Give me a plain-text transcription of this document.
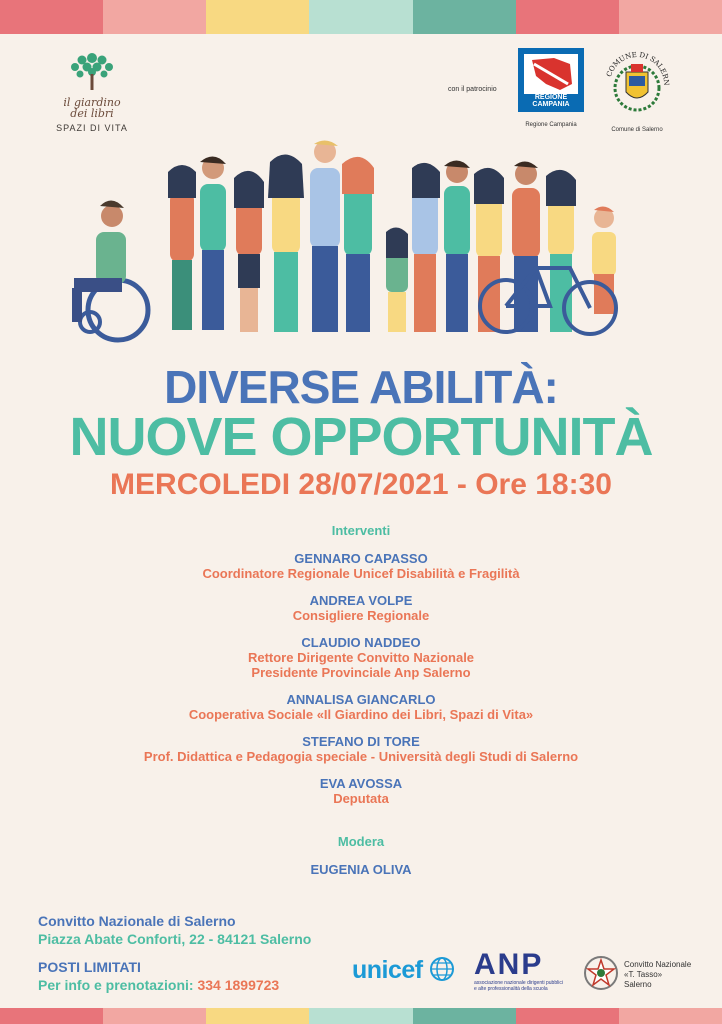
il giardino
dei libri
SPAZI DI VITA
con il patrocinio
REGIONE CAMPANIA
Regione Campania
COMUNE DI SALERN
Comune di Salerno
DIVERSE ABILITÀ:
NUOVE OPPORTUNITÀ
MERCOLEDI 28/07/2021 - Ore 18:30
Interventi
GENNARO CAPASSO
Coordinatore Regionale Unicef Disabilità e Fragilità
ANDREA VOLPE
Consigliere Regionale
CLAUDIO NADDEO
Rettore Dirigente Convitto Nazionale
Presidente Provinciale Anp Salerno
ANNALISA GIANCARLO
Cooperativa Sociale «Il Giardino dei Libri, Spazi di Vita»
STEFANO DI TORE
Prof. Didattica e Pedagogia speciale - Università degli Studi di Salerno
EVA AVOSSA
Deputata
Modera
EUGENIA OLIVA
Convitto Nazionale di Salerno
Piazza Abate Conforti, 22 - 84121 Salerno
POSTI LIMITATI
Per info e prenotazioni: 334 1899723
unicef	ANP
associazione nazionale dirigenti pubblici
e alte professionalità della scuola
Convitto Nazionale
«T. Tasso»
Salerno
